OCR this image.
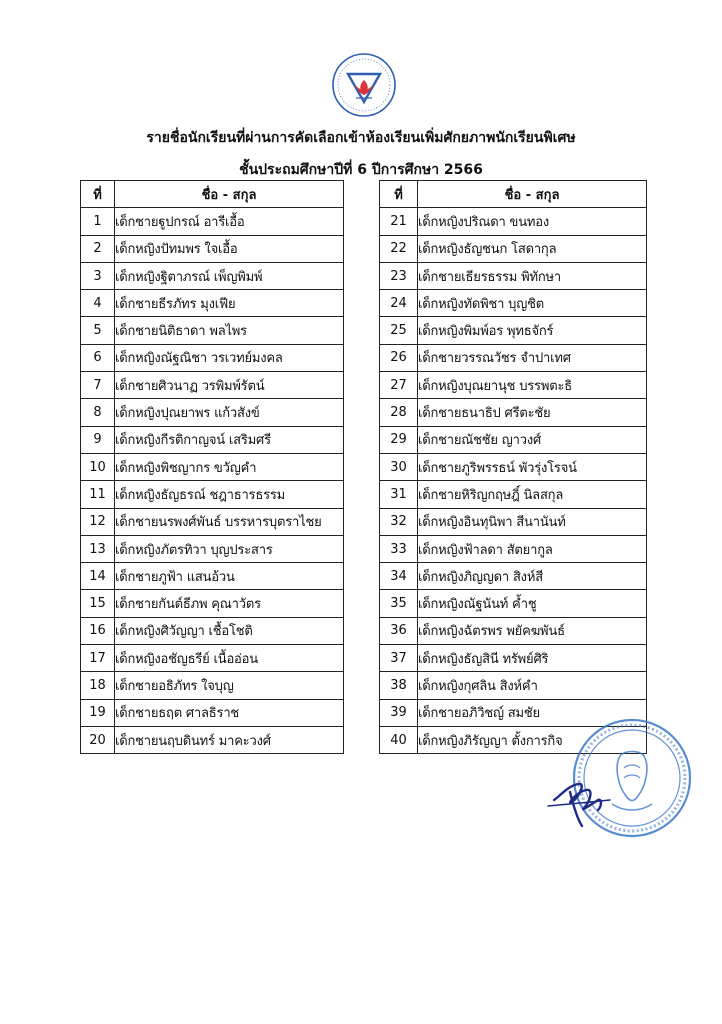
รายชื่อนักเรียนที่ผ่านการคัดเลือกเข้าห้องเรียนเพิ่มศักยภาพนักเรียนพิเศษ
ชั้นประถมศึกษาปีที่ 6 ปีการศึกษา 2566
ที่	ชื่อ - สกุล
1	เด็กชายฐูปกรณ์ อารีเอื้อ
2	เด็กหญิงปัทมพร ใจเอื้อ
3	เด็กหญิงฐิตาภรณ์ เพ็ญพิมพ์
4	เด็กชายธีรภัทร มุงเฟีย
5	เด็กชายนิติธาดา พลไพร
6	เด็กหญิงณัฐณิชา วรเวทย์มงคล
7	เด็กชายศิวนาฏ วรพิมพ์รัตน์
8	เด็กหญิงปุณยาพร แก้วสังข์
9	เด็กหญิงกีรติกาญจน์ เสริมศรี
10	เด็กหญิงพิชญากร ขวัญคำ
11	เด็กหญิงธัญธรณ์ ชฎาธารธรรม
12	เด็กชายนรพงศ์พันธ์ บรรหารบุตราไชย
13	เด็กหญิงภัตรทิวา บุญประสาร
14	เด็กชายภูฟ้า แสนอ้วน
15	เด็กชายกันต์ธีภพ คุณาวัตร
16	เด็กหญิงศิวัญญา เชื้อโชติ
17	เด็กหญิงอชัญธรีย์ เนื้ออ่อน
18	เด็กชายอธิภัทร ใจบุญ
19	เด็กชายธฤต ศาลธิราช
20	เด็กชายนฤบดินทร์ มาคะวงศ์
ที่	ชื่อ - สกุล
21	เด็กหญิงปริณดา ขนทอง
22	เด็กหญิงธัญชนก โสดากุล
23	เด็กชายเธียรธรรม พิทักษา
24	เด็กหญิงทัดพิชา บุญชิต
25	เด็กหญิงพิมพ์อร พุทธจักร์
26	เด็กชายวรรณวัชร จำปาเทศ
27	เด็กหญิงบุณยานุช บรรพตะธิ
28	เด็กชายธนาธิป ศรีตะชัย
29	เด็กชายณัชชัย ญาวงศ์
30	เด็กชายภูริพรรธน์ พัวรุ่งโรจน์
31	เด็กชายหิริญกฤษฎิ์ นิลสกุล
32	เด็กหญิงอินทุนิพา สีนานันท์
33	เด็กหญิงฟ้าลดา สัตยากูล
34	เด็กหญิงภิญญดา สิงห์สี
35	เด็กหญิงณัฐนันท์ ค้ำชู
36	เด็กหญิงฉัตรพร พยัคฆพันธ์
37	เด็กหญิงธัญสินี ทรัพย์ศิริ
38	เด็กหญิงกุศลิน สิงห์คำ
39	เด็กชายอภิวิชญ์ สมชัย
40	เด็กหญิงภิรัญญา ตั้งการกิจ
